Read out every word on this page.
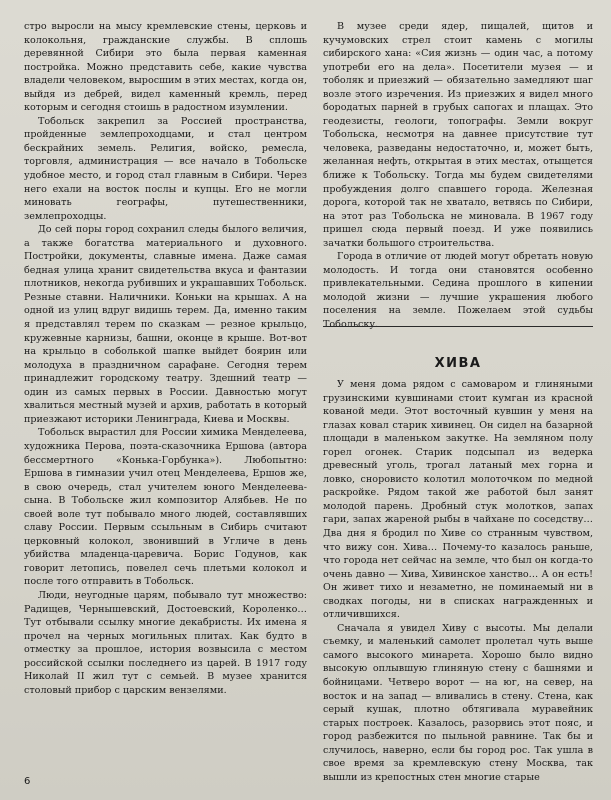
стро выросли на мысу кремлевские стены, церковь и колокольня, гражданские службы. В сплошь деревянной Сибири это была первая каменная постройка. Можно представить себе, какие чувства владели человеком, выросшим в этих местах, когда он, выйдя из дебрей, видел каменный кремль, перед которым и сегодня стоишь в радостном изумлении.

Тобольск закрепил за Россией пространства, пройденные землепроходцами, и стал центром бескрайних земель. Религия, войско, ремесла, торговля, администрация — все начало в Тобольске удобное место, и город стал главным в Сибири. Через него ехали на восток послы и купцы. Его не могли миновать географы, путешественники, землепроходцы.

До сей поры город сохранил следы былого величия, а также богатства материального и духовного. Постройки, документы, славные имена. Даже самая бедная улица хранит свидетельства вкуса и фантазии плотников, некогда рубивших и украшавших Тобольск. Резные ставни. Наличники. Коньки на крышах. А на одной из улиц вдруг видишь терем. Да, именно таким я представлял терем по сказкам — резное крыльцо, кружевные карнизы, башни, оконце в крыше. Вот-вот на крыльцо в соболькой шапке выйдет боярин или молодуха в праздничном сарафане. Сегодня терем принадлежит городскому театру. Здешний театр — один из самых первых в России. Давностью могут хвалиться местный музей и архив, работать в который приезжают историки Ленинграда, Киева и Москвы.

Тобольск вырастил для России химика Менделеева, художника Перова, поэта-сказочника Ершова (автора бессмертного «Конька-Горбунка»). Любопытно: Ершова в гимназии учил отец Менделеева, Ершов же, в свою очередь, стал учителем юного Менделеева-сына. В Тобольске жил композитор Алябьев. Не по своей воле тут побывало много людей, составлявших славу России. Первым ссыльным в Сибирь считают церковный колокол, звонивший в Угличе в день убийства младенца-царевича. Борис Годунов, как говорит летопись, повелел сечь плетьми колокол и после того отправить в Тобольск.

Люди, неугодные царям, побывало тут множество: Радищев, Чернышевский, Достоевский, Короленко… Тут отбывали ссылку многие декабристы. Их имена я прочел на черных могильных плитах. Как будто в отместку за прошлое, история возвысила с местом российской ссылки последнего из царей. В 1917 году Николай II жил тут с семьей. В музее хранится столовый прибор с царским вензелями.

В музее среди ядер, пищалей, щитов и кучумовских стрел стоит камень с могилы сибирского хана: «Сия жизнь — один час, а потому употреби его на дела». Посетители музея — и тоболяк и приезжий — обязательно замедляют шаг возле этого изречения. Из приезжих я видел много бородатых парней в грубых сапогах и плащах. Это геодезисты, геологи, топографы. Земли вокруг Тобольска, несмотря на давнее присутствие тут человека, разведаны недостаточно, и, может быть, желанная нефть, открытая в этих местах, отыщется ближе к Тобольску. Тогда мы будем свидетелями пробуждения долго спавшего города. Железная дорога, которой так не хватало, ветвясь по Сибири, на этот раз Тобольска не миновала. В 1967 году пришел сюда первый поезд. И уже появились зачатки большого строительства.

Города в отличие от людей могут обретать новую молодость. И тогда они становятся особенно привлекательными. Седина прошлого в кипении молодой жизни — лучшие украшения любого поселения на земле. Пожелаем этой судьбы Тобольску.

ХИВА

У меня дома рядом с самоваром и глиняными грузинскими кувшинами стоит кумган из красной кованой меди. Этот восточный кувшин у меня на глазах ковал старик хивинец. Он сидел на базарной площади в маленьком закутке. На земляном полу горел огонек. Старик подсыпал из ведерка древесный уголь, трогал латаный мех горна и ловко, сноровисто колотил молоточком по медной раскройке. Рядом такой же работой был занят молодой парень. Дробный стук молотков, запах гари, запах жареной рыбы в чайхане по соседству… Два дня я бродил по Хиве со странным чувством, что вижу сон. Хива… Почему-то казалось раньше, что города нет сейчас на земле, что был он когда-то очень давно — Хива, Хивинское ханство… А он есть! Он живет тихо и незаметно, не поминаемый ни в сводках погоды, ни в списках награжденных и отличившихся.

Сначала я увидел Хиву с высоты. Мы делали съемку, и маленький самолет пролетал чуть выше самого высокого минарета. Хорошо было видно высокую оплывшую глиняную стену с башнями и бойницами. Четверо ворот — на юг, на север, на восток и на запад — вливались в стену. Стена, как серый кушак, плотно обтягивала муравейник старых построек. Казалось, разорвись этот пояс, и город разбежится по пыльной равнине. Так бы и случилось, наверно, если бы город рос. Так ушла в свое время за кремлевскую стену Москва, так вышли из крепостных стен многие старые

6
